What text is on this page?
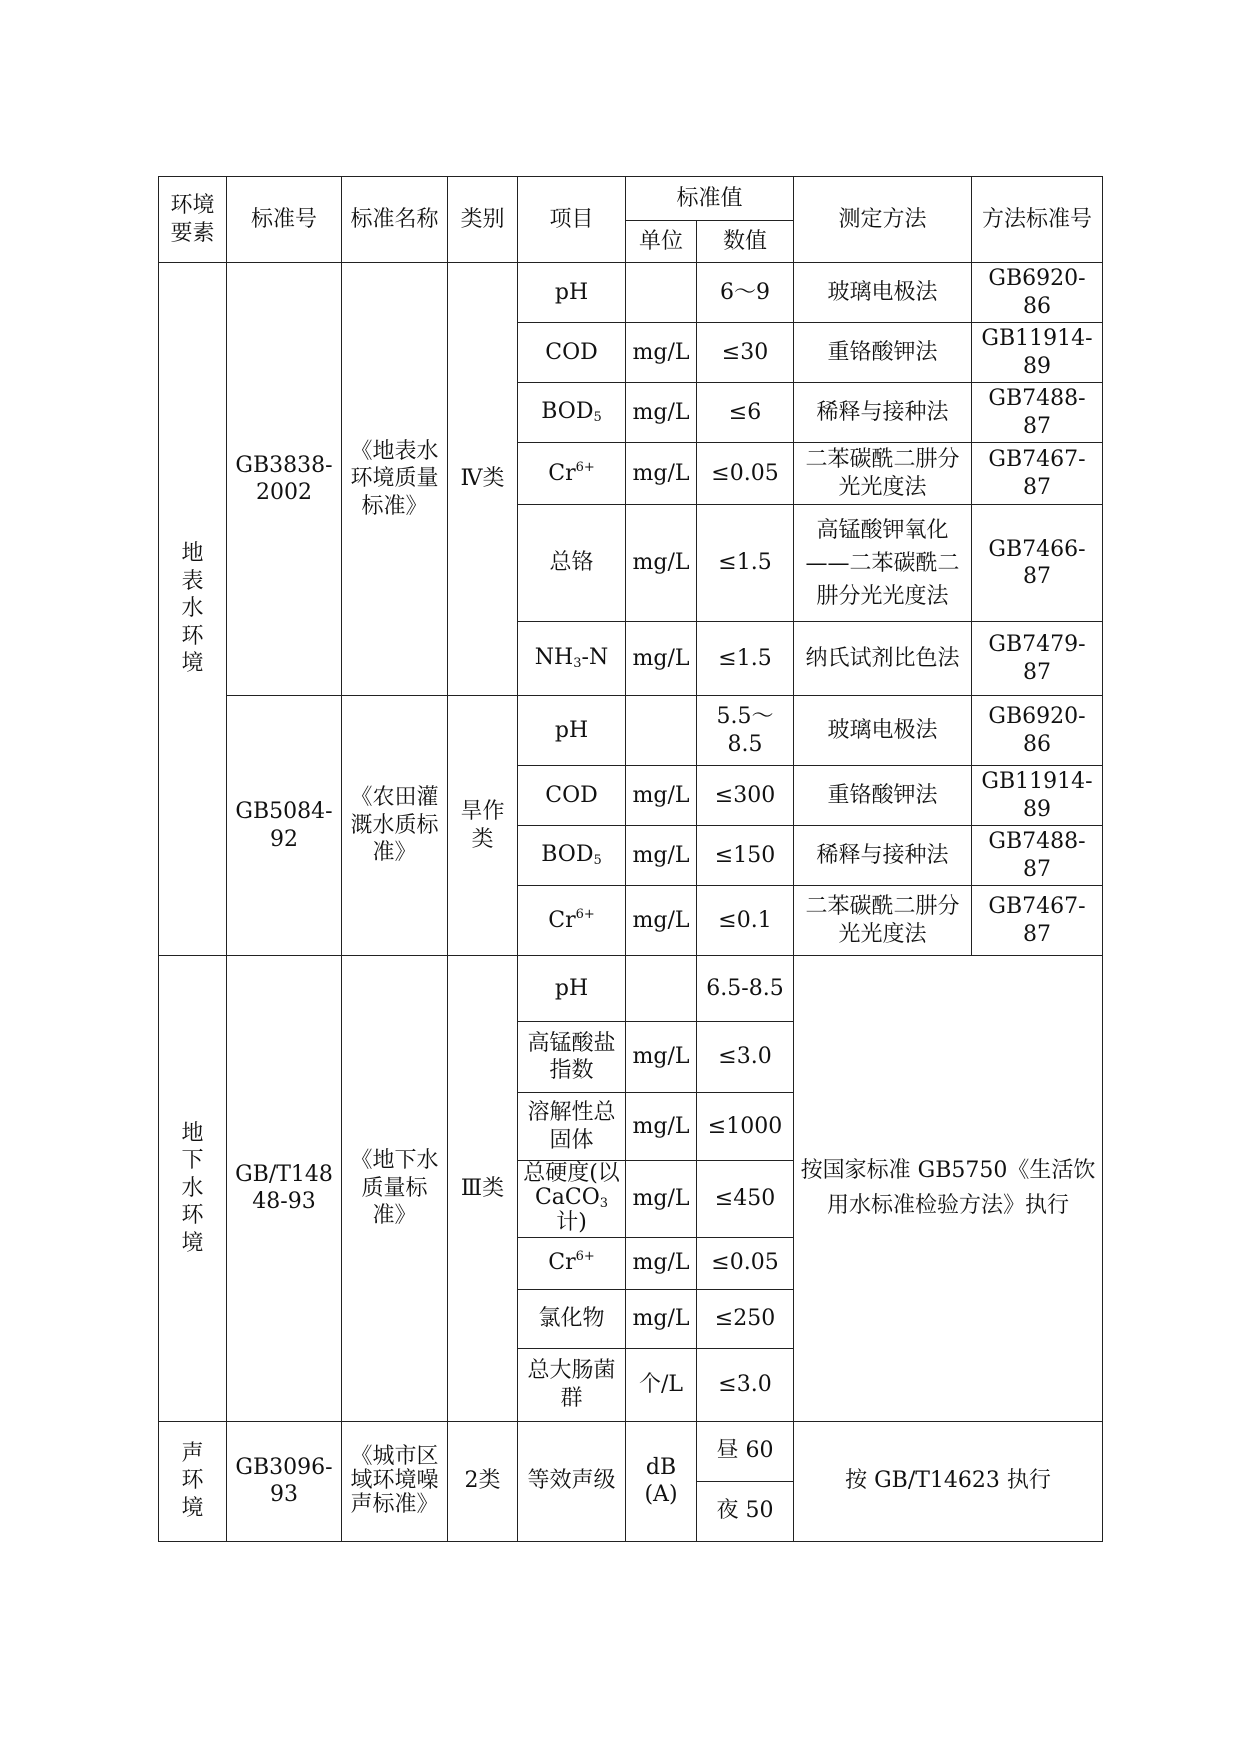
环境要素	标准号	标准名称	类别	项目	标准值		测定方法	方法标准号
					单位	数值		

地表水环境	GB3838-2002	《地表水环境质量标准》	Ⅳ类	pH		6～9	玻璃电极法	GB6920-86
				COD	mg/L	≤30	重铬酸钾法	GB11914-89
				$BOD_5$	mg/L	≤6	稀释与接种法	GB7488-87
				$Cr^{6+}$	mg/L	≤0.05	二苯碳酰二肼分光光度法	GB7467-87
				总铬	mg/L	≤1.5	高锰酸钾氧化——二苯碳酰二肼分光光度法	GB7466-87
				$NH_3-N$	mg/L	≤1.5	纳氏试剂比色法	GB7479-87
	GB5084-92	《农田灌溉水质标准》	旱作类	pH		5.5～8.5	玻璃电极法	GB6920-86
				COD	mg/L	≤300	重铬酸钾法	GB11914-89
				$BOD_5$	mg/L	≤150	稀释与接种法	GB7488-87
				$Cr^{6+}$	mg/L	≤0.1	二苯碳酰二肼分光光度法	GB7467-87

地下水环境	GB/T14848-93	《地下水质量标准》	Ⅲ类	pH		6.5-8.5	按国家标准 GB5750《生活饮用水标准检验方法》执行	
				高锰酸盐指数	mg/L	≤3.0		
				溶解性总固体	mg/L	≤1000		
				总硬度(以CaCO$_3$计)	mg/L	≤450		
				$Cr^{6+}$	mg/L	≤0.05		
				氯化物	mg/L	≤250		
				总大肠菌群	个/L	≤3.0		

声环境	GB3096-93	《城市区域环境噪声标准》	2类	等效声级	dB(A)	昼 60	按 GB/T14623 执行	
						夜 50		
